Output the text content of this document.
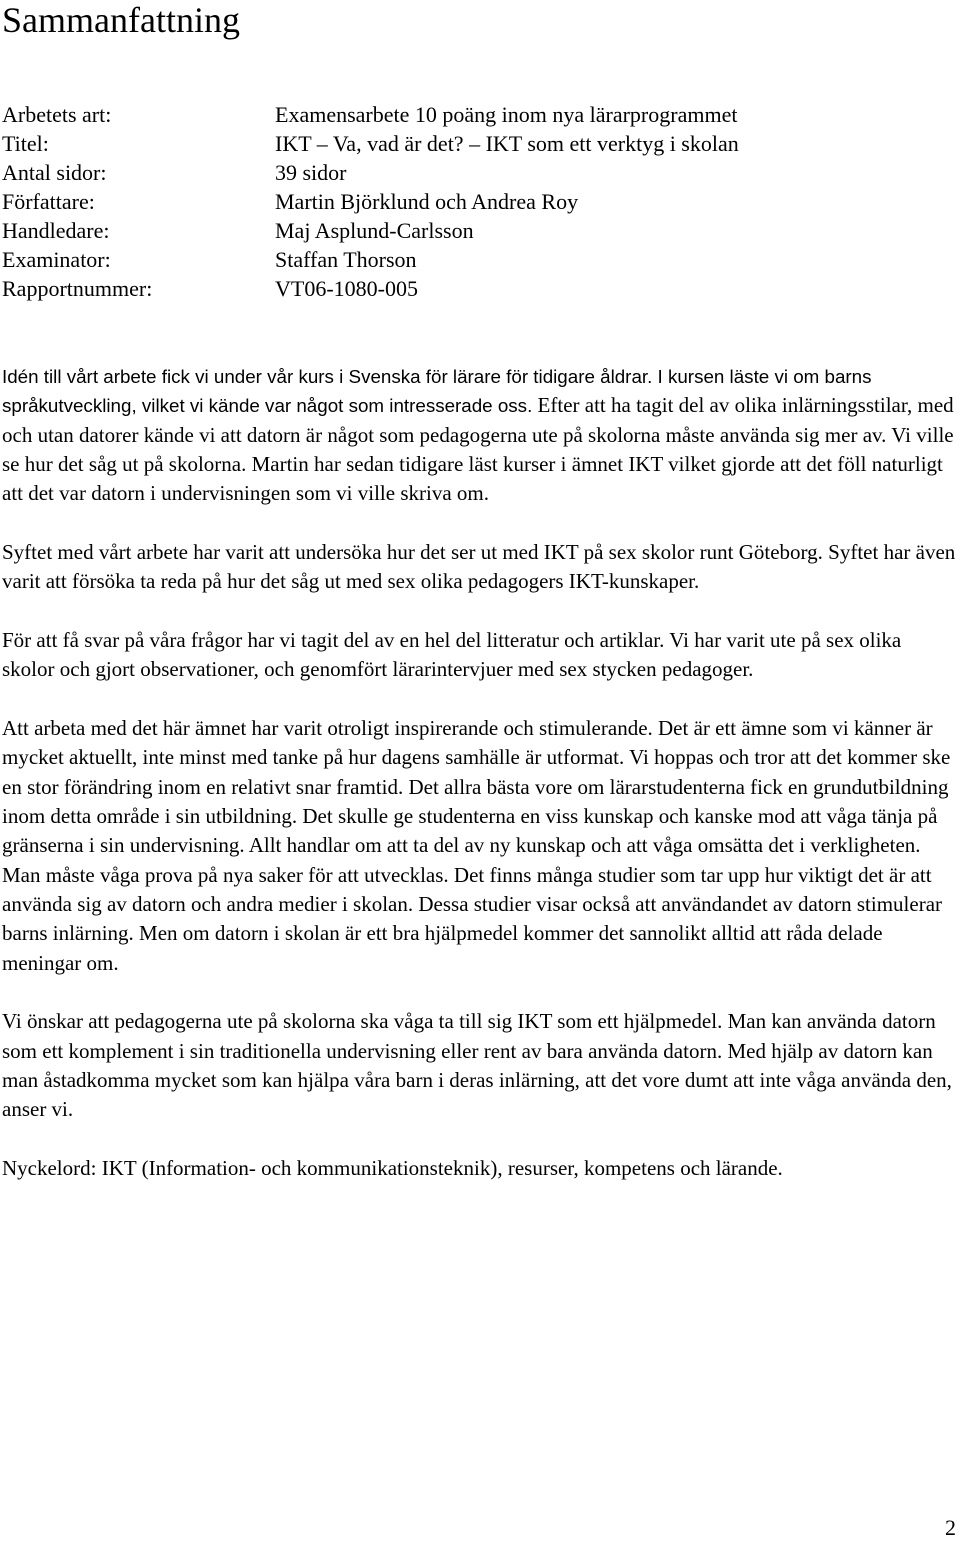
Sammanfattning
Arbetets art:	Examensarbete 10 poäng inom nya lärarprogrammet
Titel:	IKT – Va, vad är det? – IKT som ett verktyg i skolan
Antal sidor:	39 sidor
Författare:	Martin Björklund och Andrea Roy
Handledare:	Maj Asplund-Carlsson
Examinator:	Staffan Thorson
Rapportnummer:	VT06-1080-005

Idén till vårt arbete fick vi under vår kurs i Svenska för lärare för tidigare åldrar. I kursen läste vi om barns språkutveckling, vilket vi kände var något som intresserade oss. Efter att ha tagit del av olika inlärningsstilar, med och utan datorer kände vi att datorn är något som pedagogerna ute på skolorna måste använda sig mer av. Vi ville se hur det såg ut på skolorna. Martin har sedan tidigare läst kurser i ämnet IKT vilket gjorde att det föll naturligt att det var datorn i undervisningen som vi ville skriva om.

Syftet med vårt arbete har varit att undersöka hur det ser ut med IKT på sex skolor runt Göteborg. Syftet har även varit att försöka ta reda på hur det såg ut med sex olika pedagogers IKT-kunskaper.

För att få svar på våra frågor har vi tagit del av en hel del litteratur och artiklar. Vi har varit ute på sex olika skolor och gjort observationer, och genomfört lärarintervjuer med sex stycken pedagoger.

Att arbeta med det här ämnet har varit otroligt inspirerande och stimulerande. Det är ett ämne som vi känner är mycket aktuellt, inte minst med tanke på hur dagens samhälle är utformat. Vi hoppas och tror att det kommer ske en stor förändring inom en relativt snar framtid. Det allra bästa vore om lärarstudenterna fick en grundutbildning inom detta område i sin utbildning. Det skulle ge studenterna en viss kunskap och kanske mod att våga tänja på gränserna i sin undervisning. Allt handlar om att ta del av ny kunskap och att våga omsätta det i verkligheten. Man måste våga prova på nya saker för att utvecklas. Det finns många studier som tar upp hur viktigt det är att använda sig av datorn och andra medier i skolan. Dessa studier visar också att användandet av datorn stimulerar barns inlärning. Men om datorn i skolan är ett bra hjälpmedel kommer det sannolikt alltid att råda delade meningar om.

Vi önskar att pedagogerna ute på skolorna ska våga ta till sig IKT som ett hjälpmedel. Man kan använda datorn som ett komplement i sin traditionella undervisning eller rent av bara använda datorn. Med hjälp av datorn kan man åstadkomma mycket som kan hjälpa våra barn i deras inlärning, att det vore dumt att inte våga använda den, anser vi.

Nyckelord: IKT (Information- och kommunikationsteknik), resurser, kompetens och lärande.

2
